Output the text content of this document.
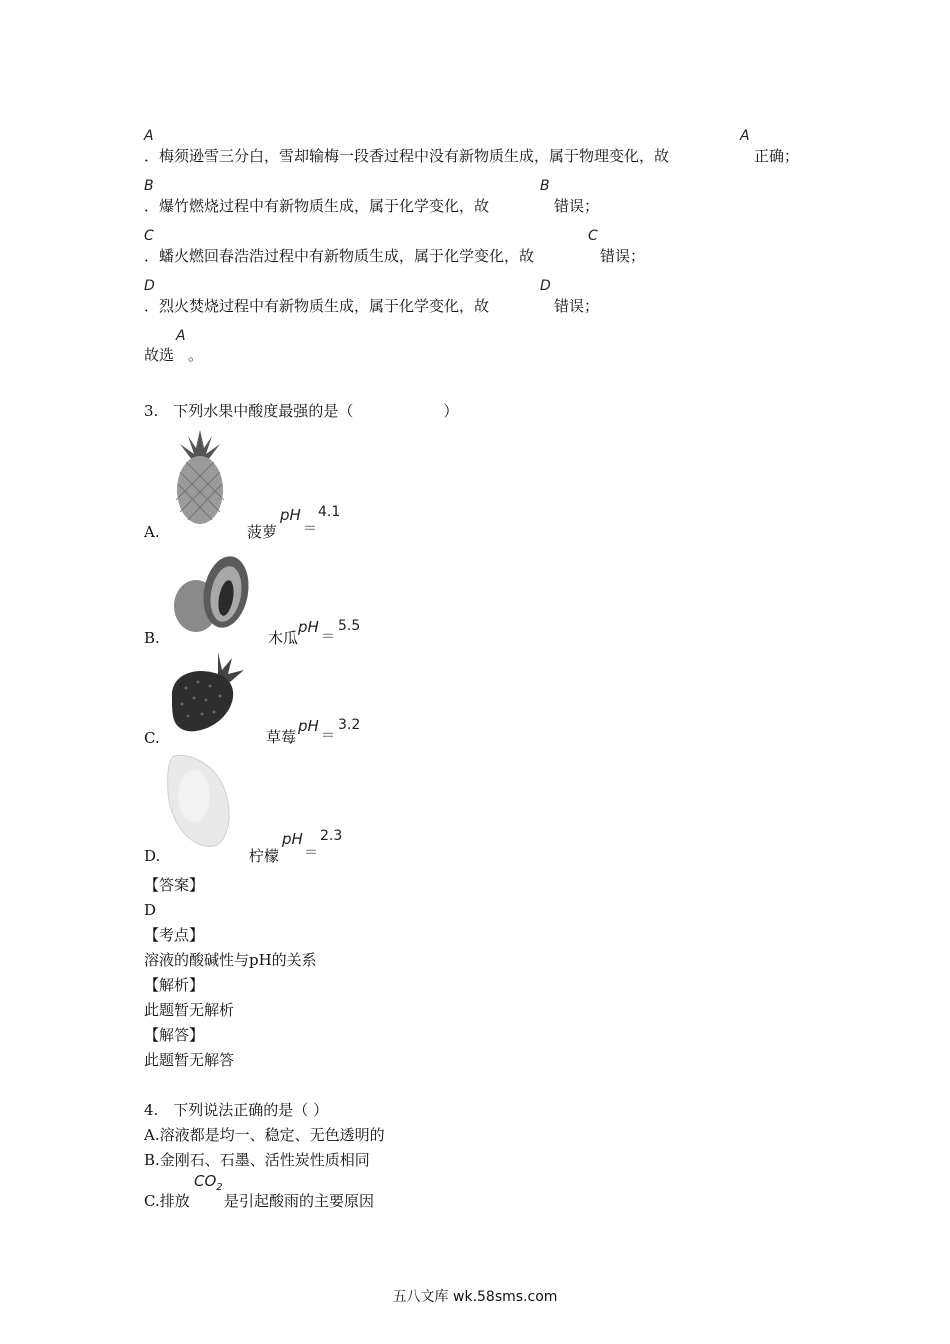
A
．梅须逊雪三分白，雪却输梅一段香过程中没有新物质生成，属于物理变化，故
A
正确；
B
．爆竹燃烧过程中有新物质生成，属于化学变化，故
B
错误；
C
．蟠火燃回春浩浩过程中有新物质生成，属于化学变化，故
C
错误；
D
．烈火焚烧过程中有新物质生成，属于化学变化，故
D
错误；
故选
A
。
3.　下列水果中酸度最强的是（　　　　　　）
A.	菠萝
pH
＝
4.1
B.	木瓜
pH
＝
5.5
C.	草莓
pH
＝
3.2
D.	柠檬
pH
＝
2.3
【答案】
D
【考点】
溶液的酸碱性与pH的关系
【解析】
此题暂无解析
【解答】
此题暂无解答
4.　下列说法正确的是（ ）
A.溶液都是均一、稳定、无色透明的
B.金刚石、石墨、活性炭性质相同
C.排放
$CO_2$
是引起酸雨的主要原因
五八文库 wk.58sms.com
